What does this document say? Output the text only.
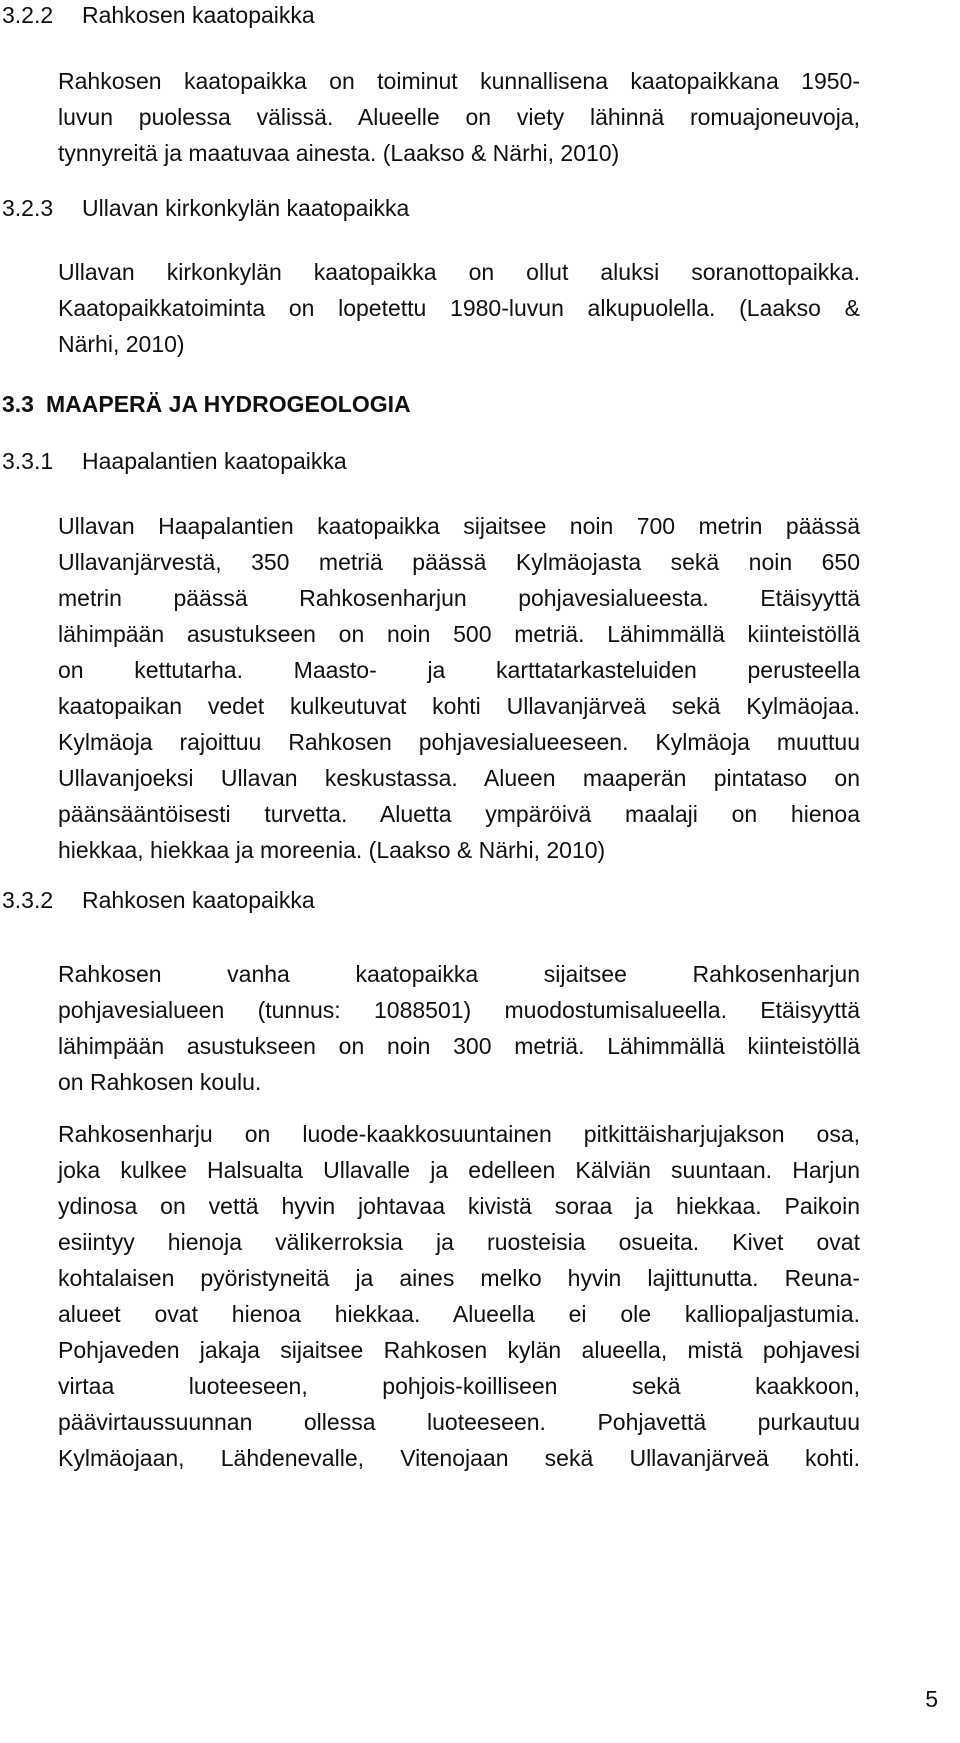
3.2.2 Rahkosen kaatopaikka
Rahkosen kaatopaikka on toiminut kunnallisena kaatopaikkana 1950-
luvun puolessa välissä. Alueelle on viety lähinnä romuajoneuvoja,
tynnyreitä ja maatuvaa ainesta. (Laakso & Närhi, 2010)
3.2.3 Ullavan kirkonkylän kaatopaikka
Ullavan kirkonkylän kaatopaikka on ollut aluksi soranottopaikka.
Kaatopaikkatoiminta on lopetettu 1980-luvun alkupuolella. (Laakso &
Närhi, 2010)
3.3 MAAPERÄ JA HYDROGEOLOGIA
3.3.1 Haapalantien kaatopaikka
Ullavan Haapalantien kaatopaikka sijaitsee noin 700 metrin päässä
Ullavanjärvestä, 350 metriä päässä Kylmäojasta sekä noin 650
metrin päässä Rahkosenharjun pohjavesialueesta. Etäisyyttä
lähimpään asustukseen on noin 500 metriä. Lähimmällä kiinteistöllä
on kettutarha. Maasto- ja karttatarkasteluiden perusteella
kaatopaikan vedet kulkeutuvat kohti Ullavanjärveä sekä Kylmäojaa.
Kylmäoja rajoittuu Rahkosen pohjavesialueeseen. Kylmäoja muuttuu
Ullavanjoeksi Ullavan keskustassa. Alueen maaperän pintataso on
päänsääntöisesti turvetta. Aluetta ympäröivä maalaji on hienoa
hiekkaa, hiekkaa ja moreenia. (Laakso & Närhi, 2010)
3.3.2 Rahkosen kaatopaikka
Rahkosen vanha kaatopaikka sijaitsee Rahkosenharjun
pohjavesialueen (tunnus: 1088501) muodostumisalueella. Etäisyyttä
lähimpään asustukseen on noin 300 metriä. Lähimmällä kiinteistöllä
on Rahkosen koulu.
Rahkosenharju on luode-kaakkosuuntainen pitkittäisharjujakson osa,
joka kulkee Halsualta Ullavalle ja edelleen Kälviän suuntaan. Harjun
ydinosa on vettä hyvin johtavaa kivistä soraa ja hiekkaa. Paikoin
esiintyy hienoja välikerroksia ja ruosteisia osueita. Kivet ovat
kohtalaisen pyöristyneitä ja aines melko hyvin lajittunutta. Reuna-
alueet ovat hienoa hiekkaa. Alueella ei ole kalliopaljastumia.
Pohjaveden jakaja sijaitsee Rahkosen kylän alueella, mistä pohjavesi
virtaa luoteeseen, pohjois-koilliseen sekä kaakkoon,
päävirtaussuunnan ollessa luoteeseen. Pohjavettä purkautuu
Kylmäojaan, Lähdenevalle, Vitenojaan sekä Ullavanjärveä kohti.
5
